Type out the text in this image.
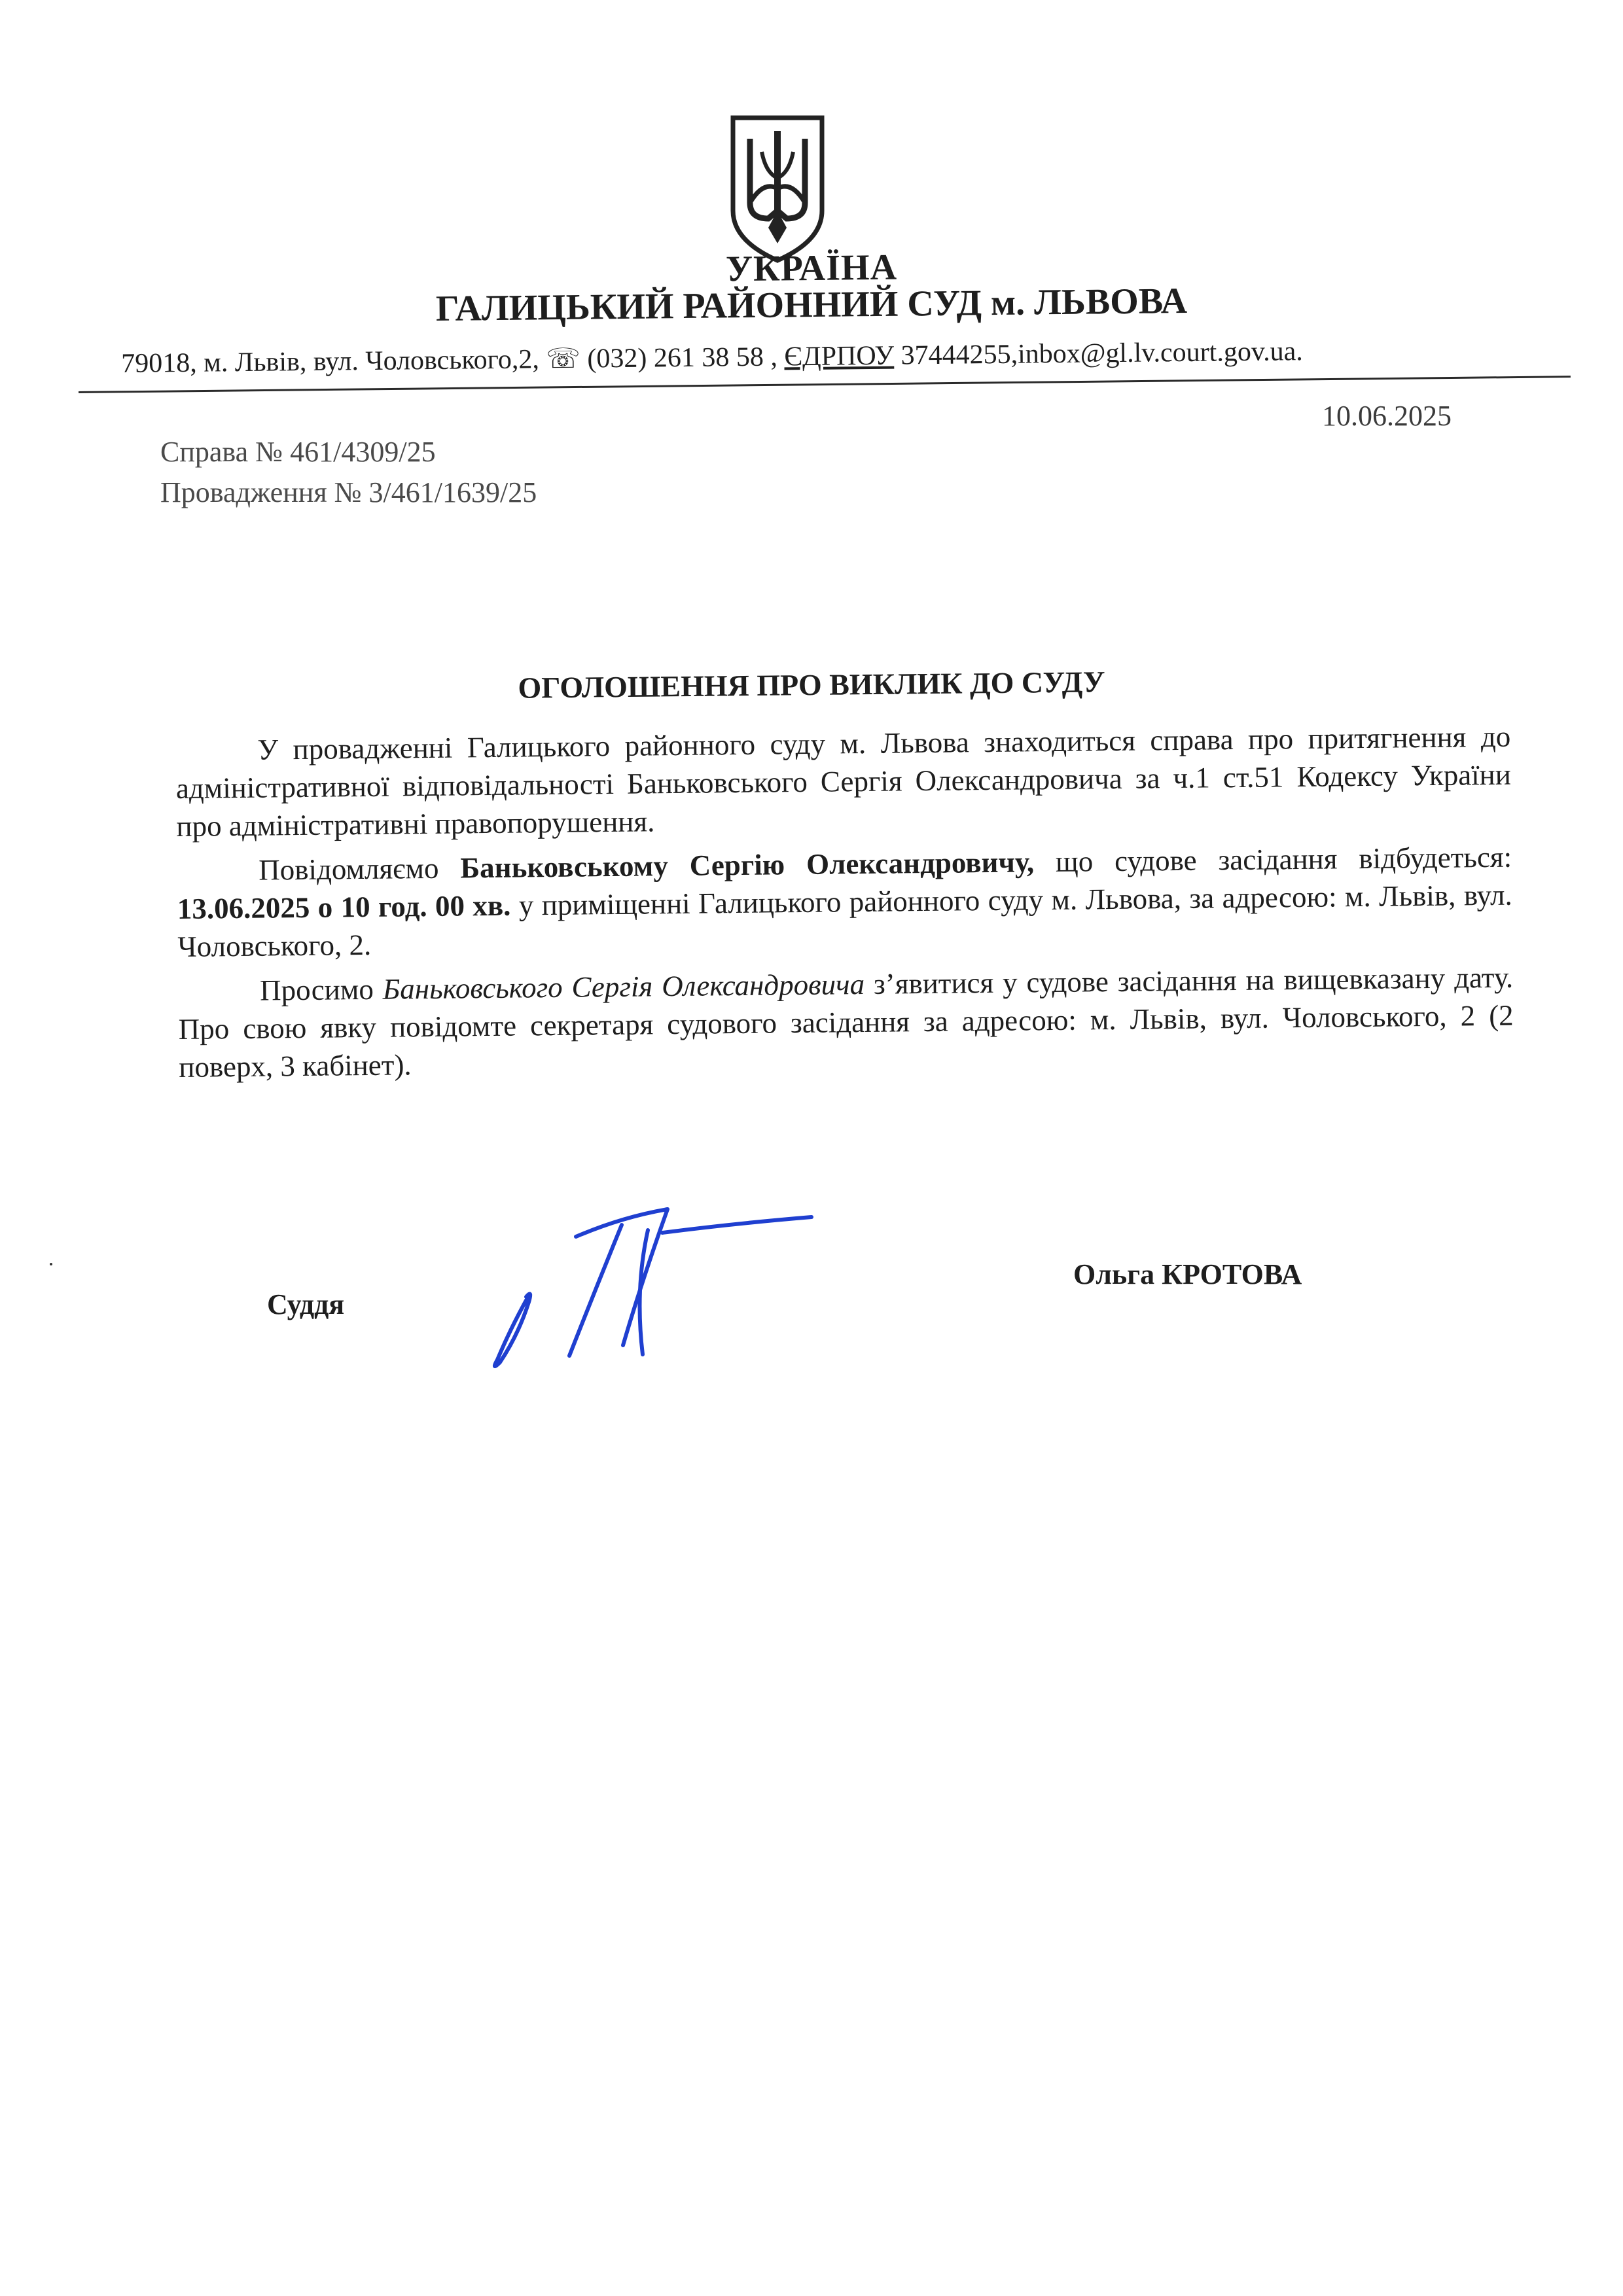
УКРАЇНА
ГАЛИЦЬКИЙ РАЙОННИЙ СУД м. ЛЬВОВА
79018, м. Львів, вул. Чоловського,2, ☏ (032) 261 38 58 , ЄДРПОУ 37444255,inbox@gl.lv.court.gov.ua.
10.06.2025
Справа № 461/4309/25
Провадження № 3/461/1639/25
ОГОЛОШЕННЯ ПРО ВИКЛИК ДО СУДУ

У провадженні Галицького районного суду м. Львова знаходиться справа про притягнення до адміністративної відповідальності Баньковського Сергія Олександровича за ч.1 ст.51 Кодексу України про адміністративні правопорушення.

Повідомляємо Баньковському Сергію Олександровичу, що судове засідання відбудеться: 13.06.2025 о 10 год. 00 хв. у приміщенні Галицького районного суду м. Львова, за адресою: м. Львів, вул. Чоловського, 2.

Просимо Баньковського Сергія Олександровича з’явитися у судове засідання на вищевказану дату. Про свою явку повідомте секретаря судового засідання за адресою: м. Львів, вул. Чоловського, 2 (2 поверх, 3 кабінет).

Суддя
Ольга КРОТОВА
